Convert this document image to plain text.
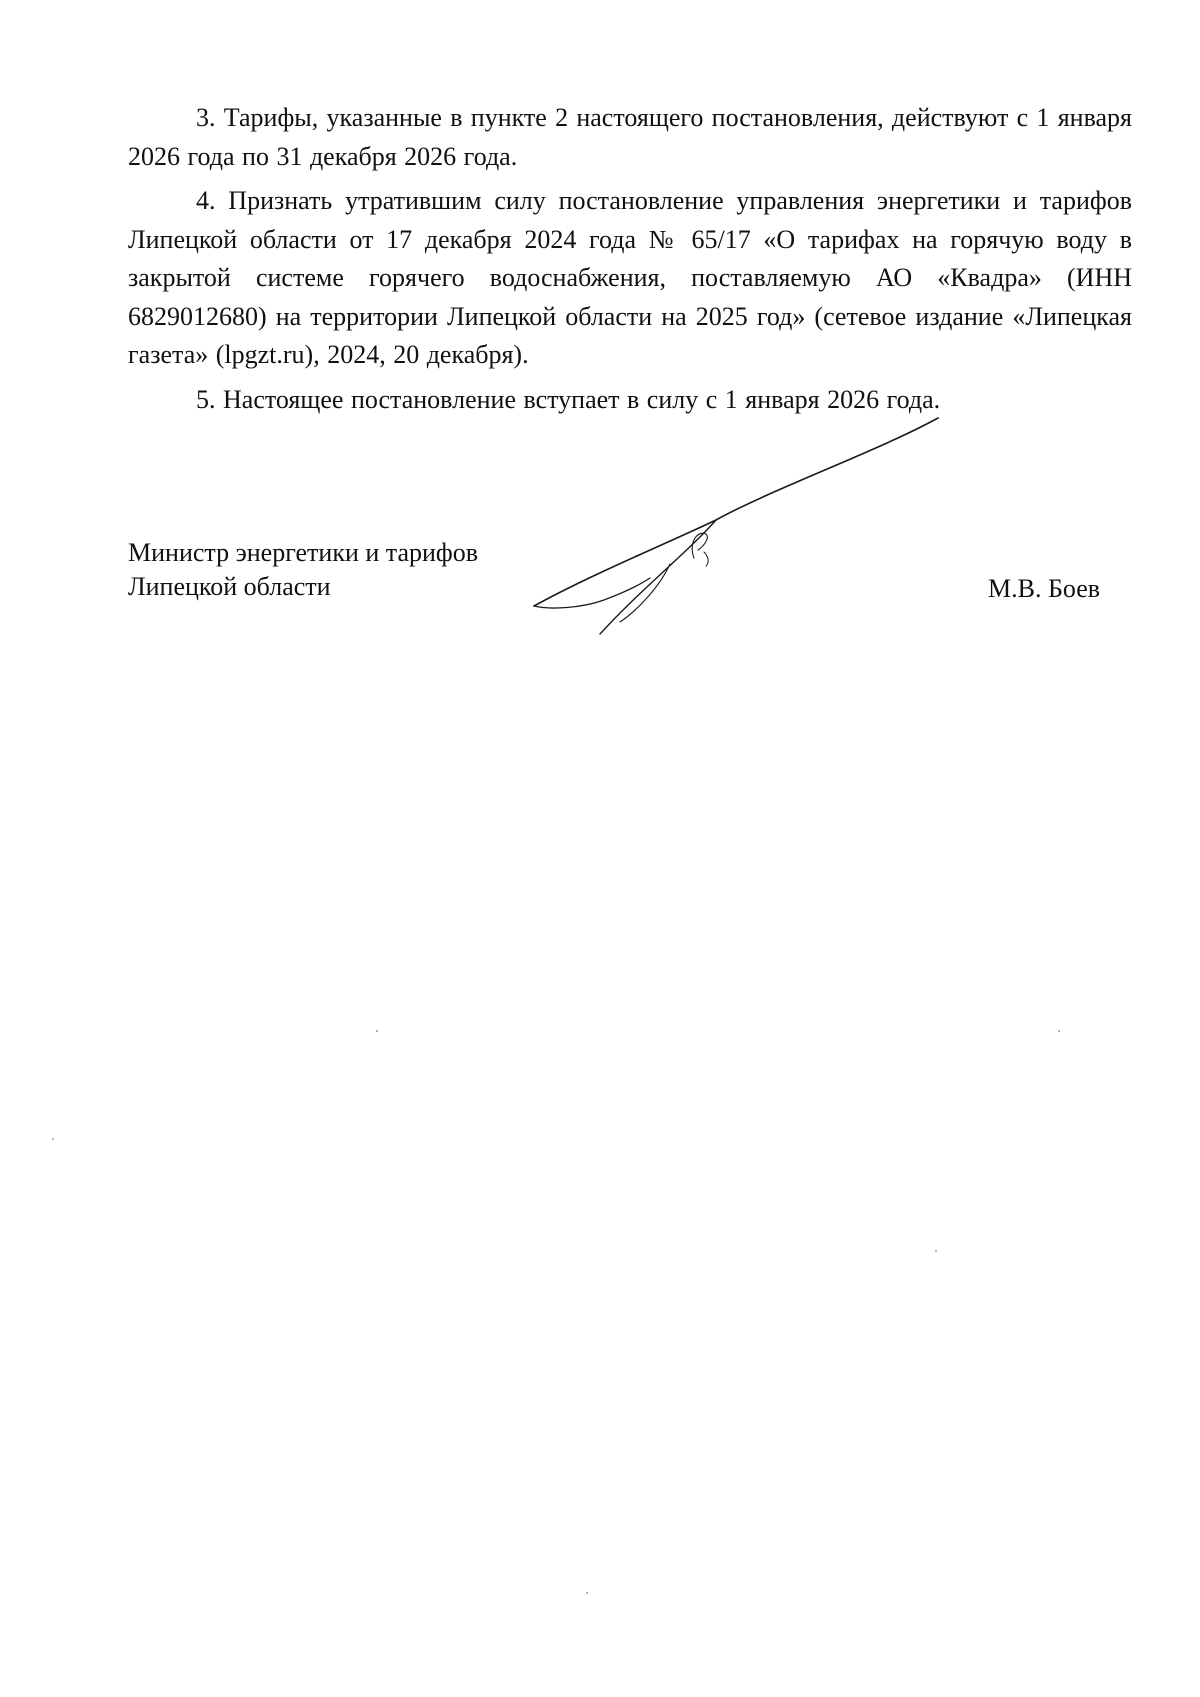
3. Тарифы, указанные в пункте 2 настоящего постановления, действуют с 1 января 2026 года по 31 декабря 2026 года.

4. Признать утратившим силу постановление управления энергетики и тарифов Липецкой области от 17 декабря 2024 года № 65/17 «О тарифах на горячую воду в закрытой системе горячего водоснабжения, поставляемую АО «Квадра» (ИНН 6829012680) на территории Липецкой области на 2025 год» (сетевое издание «Липецкая газета» (lpgzt.ru), 2024, 20 декабря).

5. Настоящее постановление вступает в силу с 1 января 2026 года.

Министр энергетики и тарифов
Липецкой области	М.В. Боев
